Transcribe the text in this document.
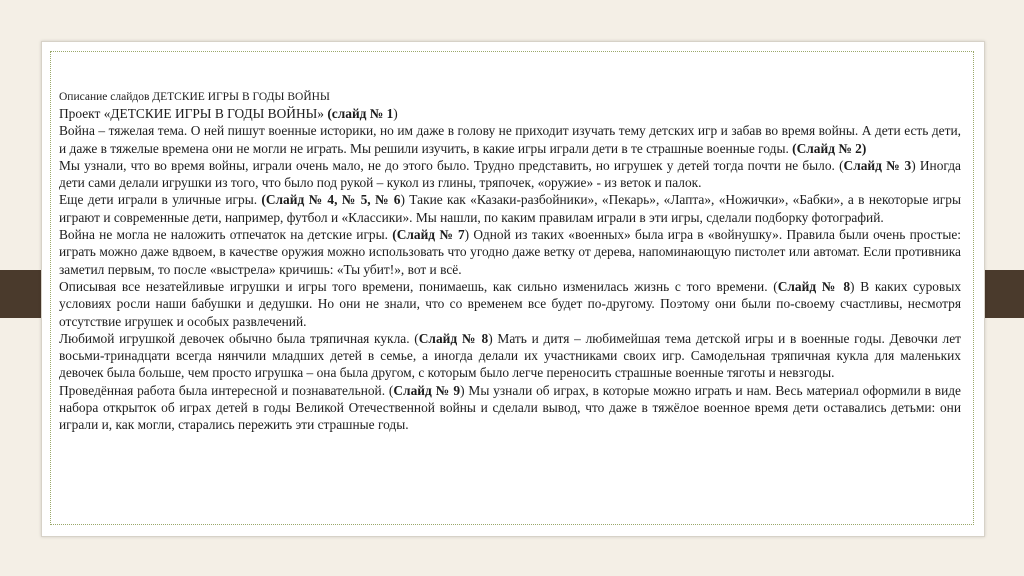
Описание слайдов ДЕТСКИЕ ИГРЫ В ГОДЫ ВОЙНЫ

Проект «ДЕТСКИЕ ИГРЫ В ГОДЫ ВОЙНЫ» (слайд № 1)

Война – тяжелая тема. О ней пишут военные историки, но им даже в голову не приходит изучать тему детских игр и забав во время войны. А дети есть дети, и даже в тяжелые времена они не могли не играть. Мы решили изучить, в какие игры играли дети в те страшные военные годы. (Слайд № 2)

Мы узнали, что во время войны, играли очень мало, не до этого было. Трудно представить, но игрушек у детей тогда почти не было. (Слайд № 3) Иногда дети сами делали игрушки из того, что было под рукой – кукол из глины, тряпочек, «оружие» - из веток и палок.

Еще дети играли в уличные игры. (Слайд № 4, № 5, № 6) Такие как «Казаки-разбойники», «Пекарь», «Лапта», «Ножички», «Бабки», а в некоторые игры играют и современные дети, например, футбол и «Классики». Мы нашли, по каким правилам играли в эти игры, сделали подборку фотографий.

Война не могла не наложить отпечаток на детские игры. (Слайд № 7) Одной из таких «военных» была игра в «войнушку». Правила были очень простые: играть можно даже вдвоем, в качестве оружия можно использовать что угодно даже ветку от дерева, напоминающую пистолет или автомат. Если противника заметил первым, то после «выстрела» кричишь: «Ты убит!», вот и всё.

Описывая все незатейливые игрушки и игры того времени, понимаешь, как сильно изменилась жизнь с того времени. (Слайд № 8) В каких суровых условиях росли наши бабушки и дедушки. Но они не знали, что со временем все будет по-другому. Поэтому они были по-своему счастливы, несмотря отсутствие игрушек и особых развлечений.

Любимой игрушкой девочек обычно была тряпичная кукла. (Слайд № 8) Мать и дитя – любимейшая тема детской игры и в военные годы. Девочки лет восьми-тринадцати всегда нянчили младших детей в семье, а иногда делали их участниками своих игр. Самодельная тряпичная кукла для маленьких девочек была больше, чем просто игрушка – она была другом, с которым было легче переносить страшные военные тяготы и невзгоды.

Проведённая работа была интересной и познавательной. (Слайд № 9) Мы узнали об играх, в которые можно играть и нам. Весь материал оформили в виде набора открыток об играх детей в годы Великой Отечественной войны и сделали вывод, что даже в тяжёлое военное время дети оставались детьми: они играли и, как могли, старались пережить эти страшные годы.
